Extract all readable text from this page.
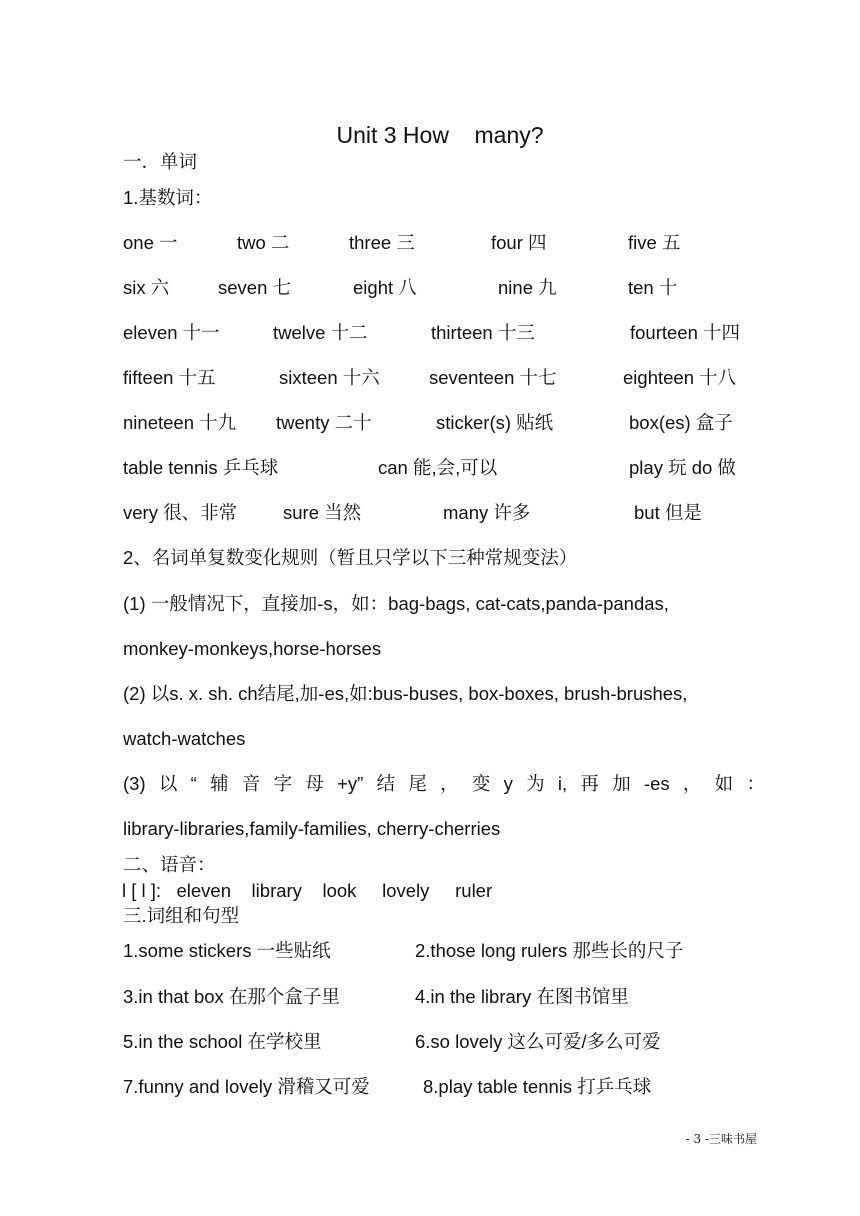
Unit 3 How    many?
一．单词
1.基数词：
one 一	two 二	three 三	four 四	five 五
six 六	seven 七	eight 八	nine 九	ten 十
eleven 十一	twelve 十二	thirteen 十三	fourteen 十四
fifteen 十五	sixteen 十六	seventeen 十七	eighteen 十八
nineteen 十九 twenty 二十	sticker(s) 贴纸	box(es) 盒子
table tennis 乒乓球	can 能,会,可以	play 玩 do 做
very 很、非常 sure 当然	many 许多	but 但是
2、名词单复数变化规则（暂且只学以下三种常规变法）
(1) 一般情况下，直接加-s，如：bag-bags, cat-cats,panda-pandas,
monkey-monkeys,horse-horses
(2) 以s. x. sh. ch结尾,加-es,如:bus-buses, box-boxes, brush-brushes,
watch-watches
(3) 以 “ 辅 音 字 母 +y” 结 尾 ， 变 y 为 i, 再 加 -es ， 如 ：
library-libraries,family-families, cherry-cherries
二、语音：
l [ l ]:   eleven    library    look     lovely     ruler
三.词组和句型
1.some stickers 一些贴纸	2.those long rulers 那些长的尺子
3.in that box 在那个盒子里	4.in the library 在图书馆里
5.in the school 在学校里	6.so lovely 这么可爱/多么可爱
7.funny and lovely 滑稽又可爱	8.play table tennis 打乒乓球
- 3 -三味书屋
